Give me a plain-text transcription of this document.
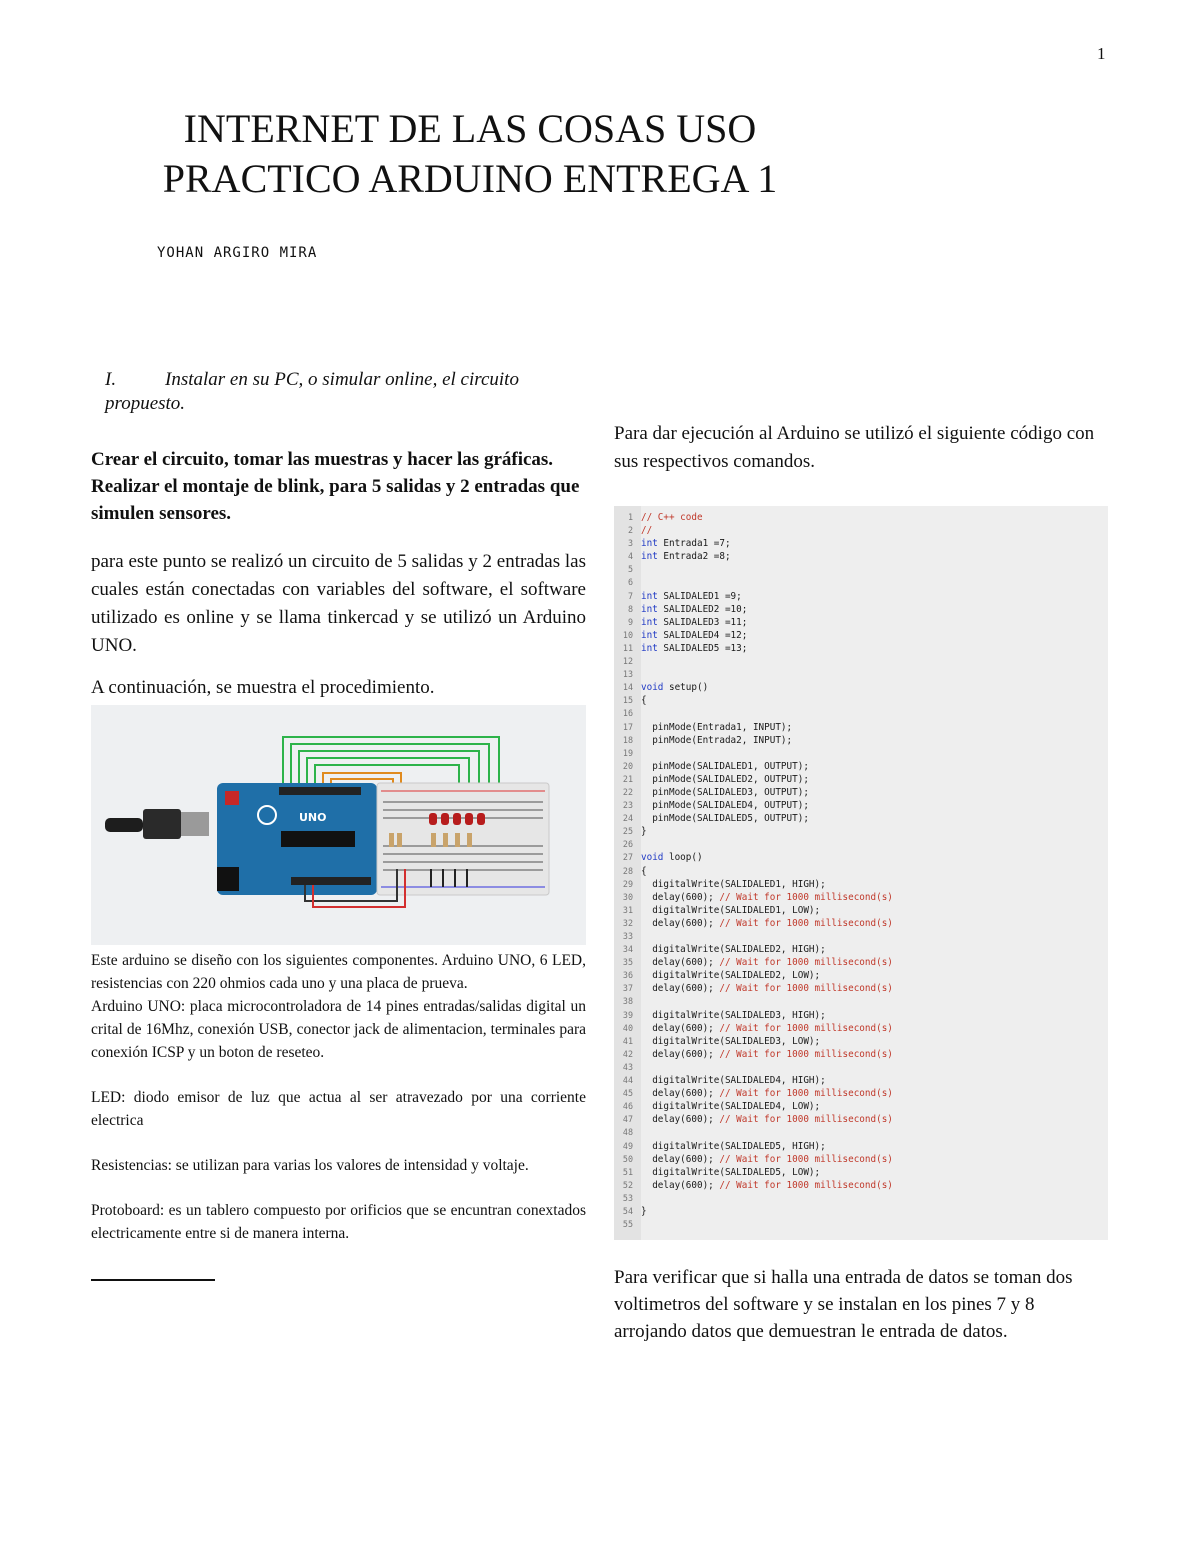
1
INTERNET DE LAS COSAS USO PRACTICO ARDUINO ENTREGA 1
YOHAN ARGIRO MIRA

I.	Instalar en su PC, o simular online, el circuito propuesto.

Crear el circuito, tomar las muestras y hacer las gráficas. Realizar el montaje de blink, para 5 salidas y 2 entradas que simulen sensores.

para este punto se realizó un circuito de 5 salidas y 2 entradas las cuales están conectadas con variables del software, el software utilizado es online y se llama tinkercad y se utilizó un Arduino UNO.

A continuación, se muestra el procedimiento.

UNO

Este arduino se diseño con los siguientes componentes. Arduino UNO, 6 LED, resistencias con 220 ohmios cada uno y una placa de prueva.

Arduino UNO: placa microcontroladora de 14 pines entradas/salidas digital un crital de 16Mhz, conexión USB, conector jack de alimentacion, terminales para conexión ICSP y un boton de reseteo.

LED: diodo emisor de luz que actua al ser atravezado por una corriente electrica

Resistencias: se utilizan para varias los valores de intensidad y voltaje.

Protoboard: es un tablero compuesto por orificios que se encuntran conextados electricamente entre si de manera interna.

Para dar ejecución al Arduino se utilizó el siguiente código con sus respectivos comandos.

1 // C++ code
2 //
3 int Entrada1 =7;
4 int Entrada2 =8;
5
6
7 int SALIDALED1 =9;
8 int SALIDALED2 =10;
9 int SALIDALED3 =11;
10 int SALIDALED4 =12;
11 int SALIDALED5 =13;
12
13
14 void setup()
15 {
16
17  pinMode(Entrada1, INPUT);
18  pinMode(Entrada2, INPUT);
19
20  pinMode(SALIDALED1, OUTPUT);
21  pinMode(SALIDALED2, OUTPUT);
22  pinMode(SALIDALED3, OUTPUT);
23  pinMode(SALIDALED4, OUTPUT);
24  pinMode(SALIDALED5, OUTPUT);
25 }
26
27 void loop()
28 {
29  digitalWrite(SALIDALED1, HIGH);
30  delay(600); // Wait for 1000 millisecond(s)
31  digitalWrite(SALIDALED1, LOW);
32  delay(600); // Wait for 1000 millisecond(s)
33
34  digitalWrite(SALIDALED2, HIGH);
35  delay(600); // Wait for 1000 millisecond(s)
36  digitalWrite(SALIDALED2, LOW);
37  delay(600); // Wait for 1000 millisecond(s)
38
39  digitalWrite(SALIDALED3, HIGH);
40  delay(600); // Wait for 1000 millisecond(s)
41  digitalWrite(SALIDALED3, LOW);
42  delay(600); // Wait for 1000 millisecond(s)
43
44  digitalWrite(SALIDALED4, HIGH);
45  delay(600); // Wait for 1000 millisecond(s)
46  digitalWrite(SALIDALED4, LOW);
47  delay(600); // Wait for 1000 millisecond(s)
48
49  digitalWrite(SALIDALED5, HIGH);
50  delay(600); // Wait for 1000 millisecond(s)
51  digitalWrite(SALIDALED5, LOW);
52  delay(600); // Wait for 1000 millisecond(s)
53
54 }
55

Para verificar que si halla una entrada de datos se toman dos voltimetros del software y se instalan en los pines 7 y 8 arrojando datos que demuestran le entrada de datos.
